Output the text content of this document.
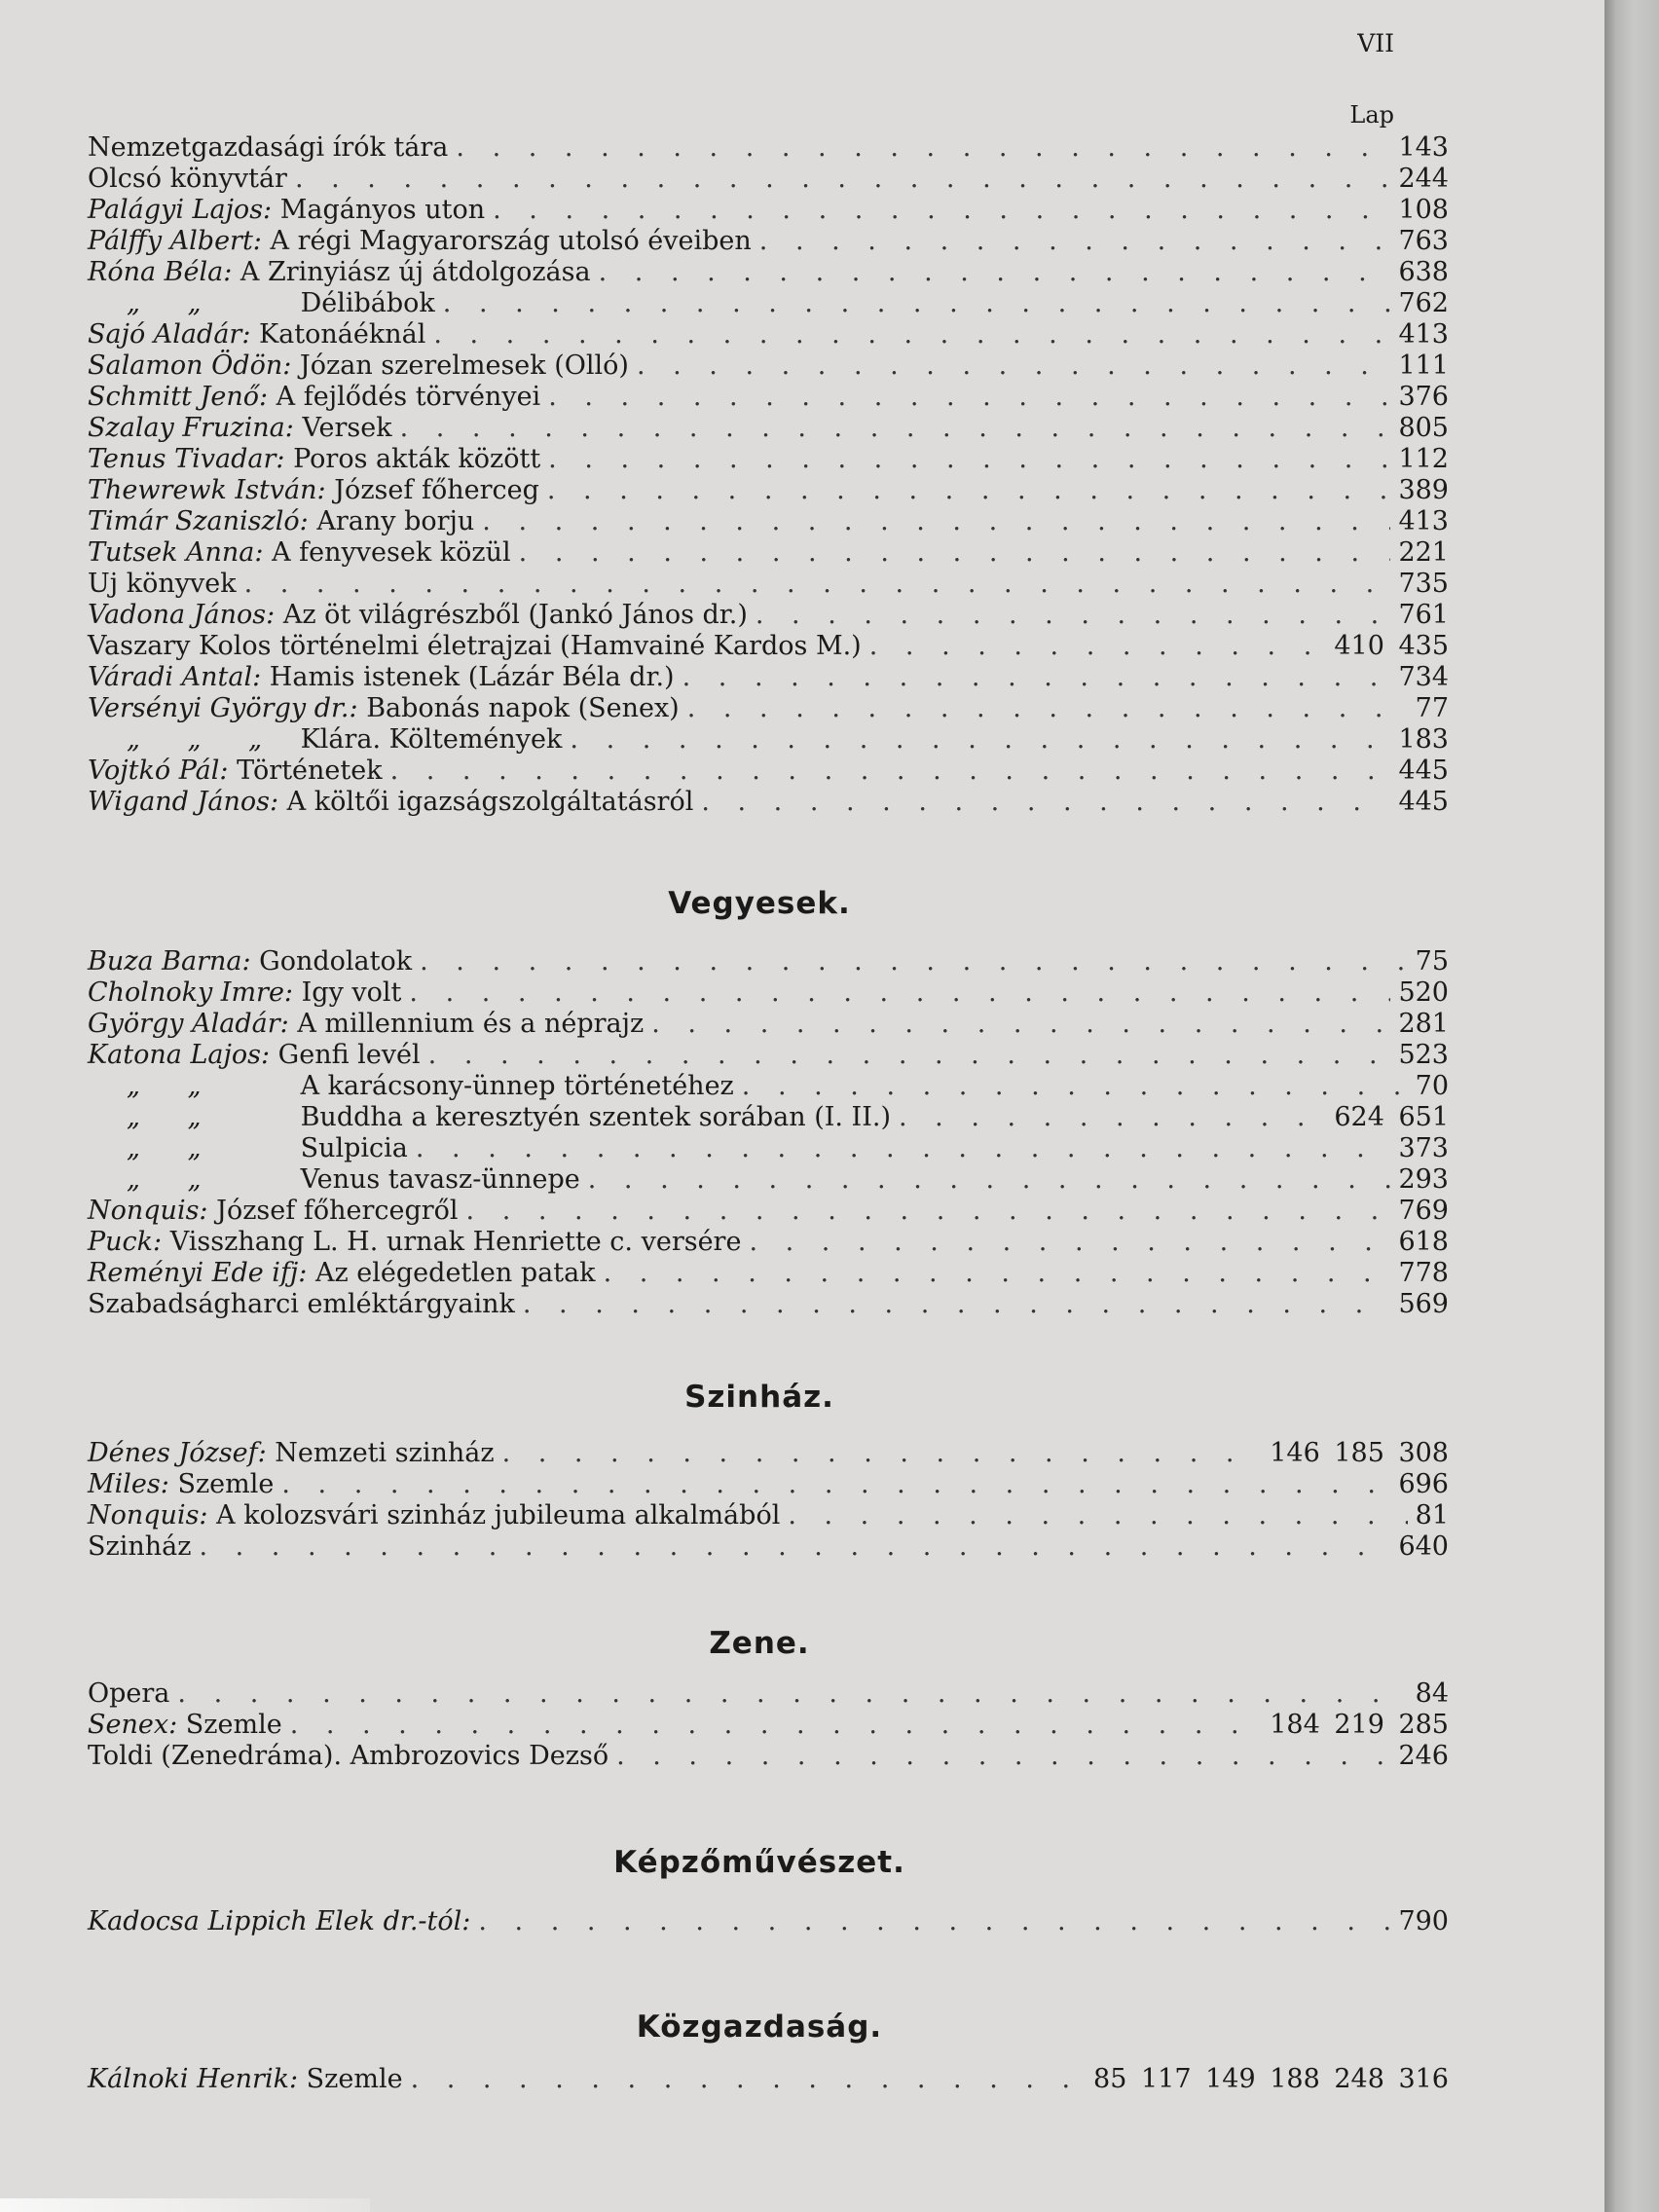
VII
Lap
Nemzetgazdasági írók tára . . .	143
Olcsó könyvtár . . .	244
Palágyi Lajos: Magányos uton . . .	108
Pálffy Albert: A régi Magyarország utolsó éveiben . . .	763
Róna Béla: A Zrinyiász új átdolgozása . . .	638
„ „	Délibábok . . .	762
Sajó Aladár: Katonáéknál . . .	413
Salamon Ödön: Józan szerelmesek (Olló) . . .	111
Schmitt Jenő: A fejlődés törvényei . . .	376
Szalay Fruzina: Versek . . .	805
Tenus Tivadar: Poros akták között . . .	112
Thewrewk István: József főherceg . . .	389
Timár Szaniszló: Arany borju . . .	413
Tutsek Anna: A fenyvesek közül . . .	221
Uj könyvek . . .	735
Vadona János: Az öt világrészből (Jankó János dr.) . . .	761
Vaszary Kolos történelmi életrajzai (Hamvainé Kardos M.) . . .	410 435
Váradi Antal: Hamis istenek (Lázár Béla dr.) . . .	734
Versényi György dr.: Babonás napok (Senex) . . .	77
„ „ „ Klára. Költemények . . .	183
Vojtkó Pál: Történetek . . .	445
Wigand János: A költői igazságszolgáltatásról . . .	445
Vegyesek.
Buza Barna: Gondolatok . . .	75
Cholnoky Imre: Igy volt . . .	520
György Aladár: A millennium és a néprajz . . .	281
Katona Lajos: Genfi levél . . .	523
„ „	A karácsony-ünnep történetéhez . . .	70
„ „	Buddha a keresztyén szentek sorában (I. II.) . . .	624 651
„ „	Sulpicia . . .	373
„ „	Venus tavasz-ünnepe . . .	293
Nonquis: József főhercegről . . .	769
Puck: Visszhang L. H. urnak Henriette c. versére . . .	618
Reményi Ede ifj: Az elégedetlen patak . . .	778
Szabadságharci emléktárgyaink . . .	569
Szinház.
Dénes József: Nemzeti szinház . . .	146 185 308
Miles: Szemle . . .	696
Nonquis: A kolozsvári szinház jubileuma alkalmából . . .	81
Szinház . . .	640
Zene.
Opera . . .	84
Senex: Szemle . . .	184 219 285
Toldi (Zenedráma). Ambrozovics Dezső . . .	246
Képzőművészet.
Kadocsa Lippich Elek dr.-tól: . . .	790
Közgazdaság.
Kálnoki Henrik: Szemle . . .	85 117 149 188 248 316
